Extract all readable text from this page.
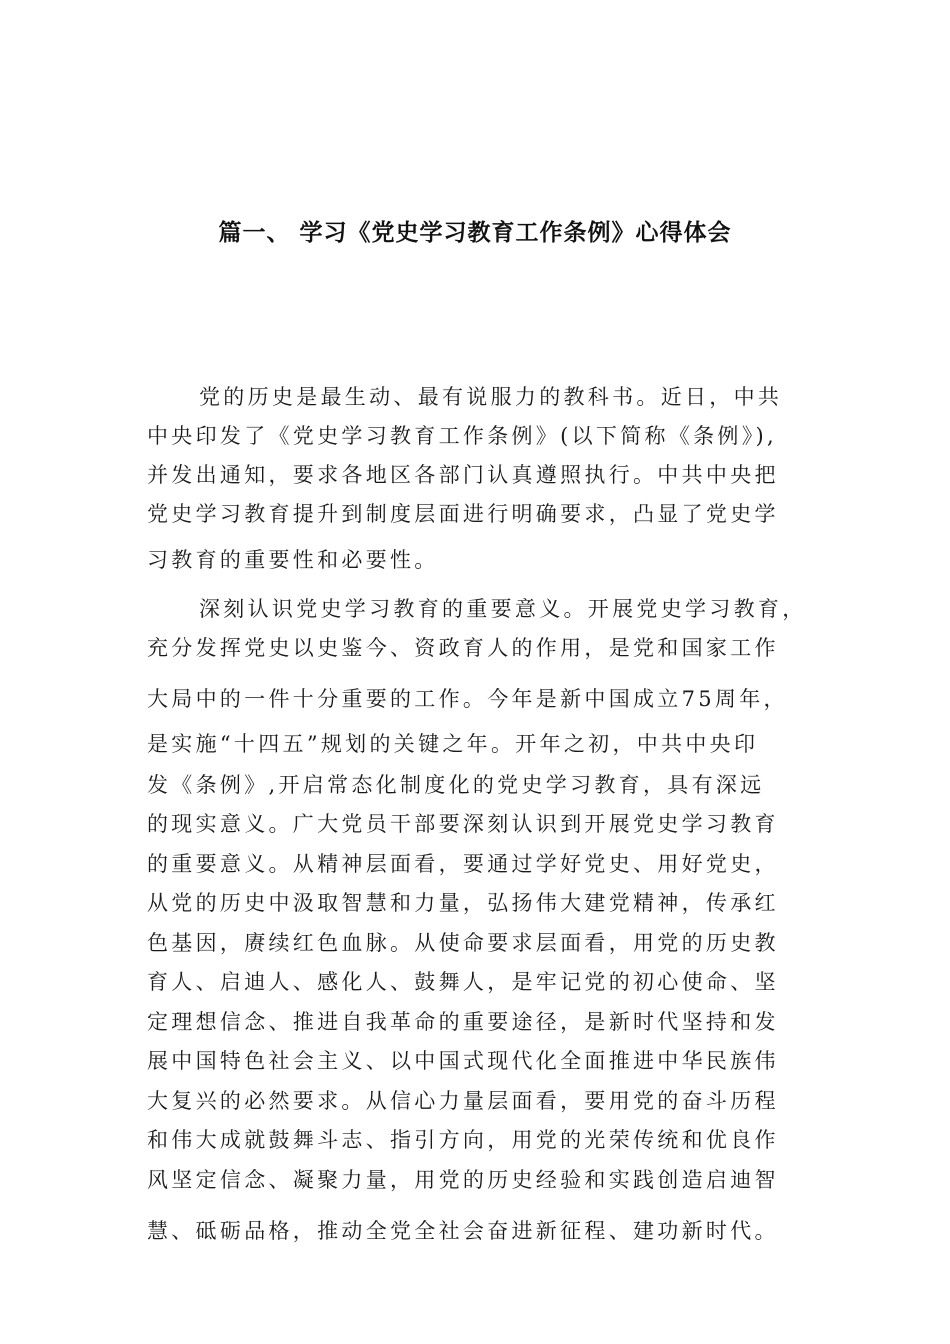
篇一、 学习《党史学习教育工作条例》心得体会
党的历史是最生动、最有说服力的教科书。近日，中共
中央印发了《党史学习教育工作条例》(以下简称《条例》),
并发出通知，要求各地区各部门认真遵照执行。中共中央把
党史学习教育提升到制度层面进行明确要求，凸显了党史学
习教育的重要性和必要性。
深刻认识党史学习教育的重要意义。开展党史学习教育，
充分发挥党史以史鉴今、资政育人的作用，是党和国家工作
大局中的一件十分重要的工作。今年是新中国成立75周年，
是实施“十四五”规划的关键之年。开年之初，中共中央印
发《条例》,开启常态化制度化的党史学习教育，具有深远
的现实意义。广大党员干部要深刻认识到开展党史学习教育
的重要意义。从精神层面看，要通过学好党史、用好党史，
从党的历史中汲取智慧和力量，弘扬伟大建党精神，传承红
色基因，赓续红色血脉。从使命要求层面看，用党的历史教
育人、启迪人、感化人、鼓舞人，是牢记党的初心使命、坚
定理想信念、推进自我革命的重要途径，是新时代坚持和发
展中国特色社会主义、以中国式现代化全面推进中华民族伟
大复兴的必然要求。从信心力量层面看，要用党的奋斗历程
和伟大成就鼓舞斗志、指引方向，用党的光荣传统和优良作
风坚定信念、凝聚力量，用党的历史经验和实践创造启迪智
慧、砥砺品格，推动全党全社会奋进新征程、建功新时代。
